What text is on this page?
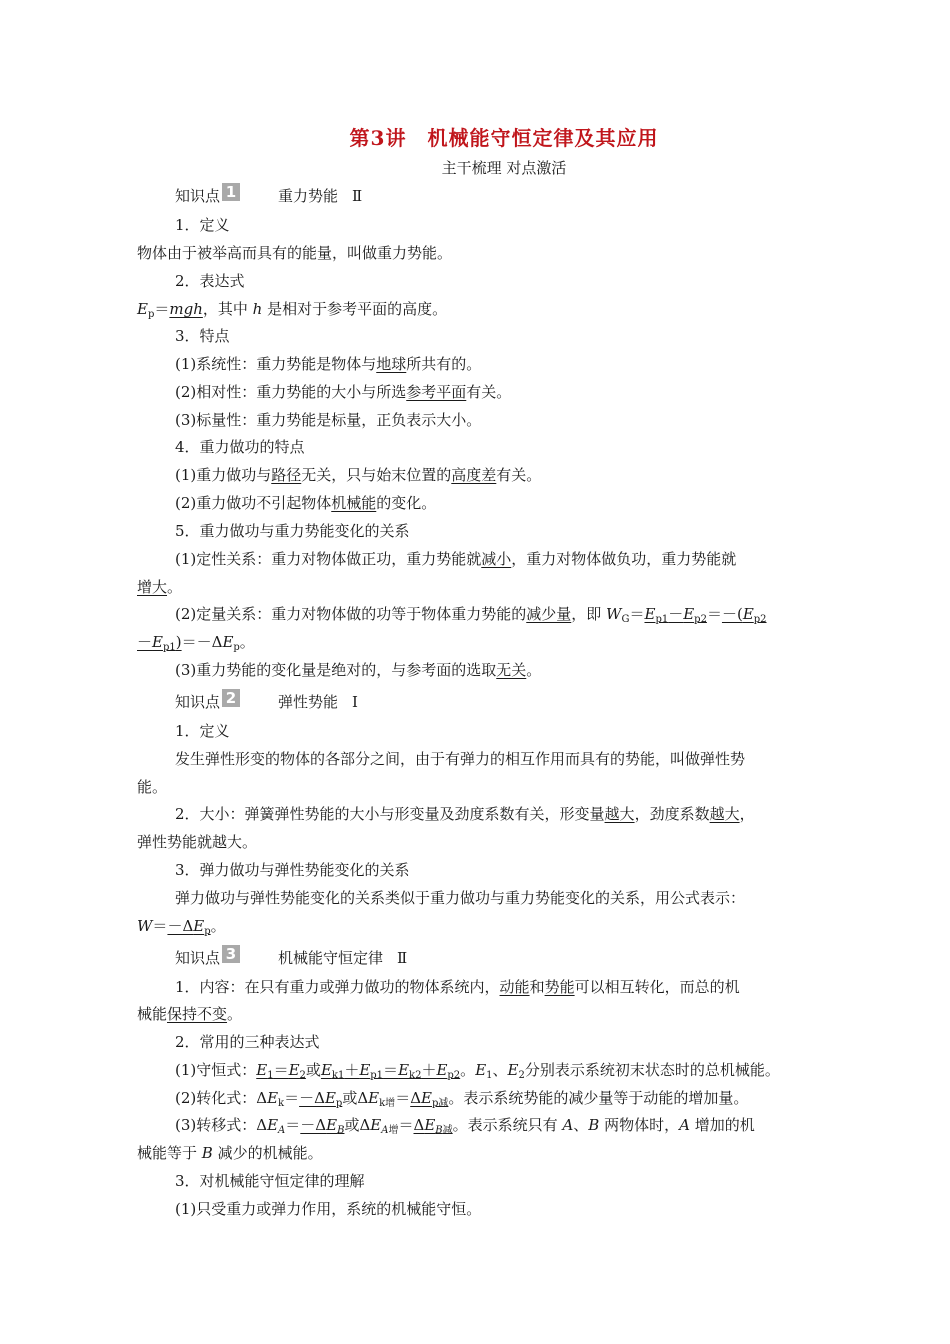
第3讲　机械能守恒定律及其应用
主干梳理 对点激活
知识点 1	重力势能 Ⅱ
1．定义
物体由于被举高而具有的能量，叫做重力势能。
2．表达式
$E_p=mgh$，其中 h 是相对于参考平面的高度。
3．特点
(1)系统性：重力势能是物体与地球所共有的。
(2)相对性：重力势能的大小与所选参考平面有关。
(3)标量性：重力势能是标量，正负表示大小。
4．重力做功的特点
(1)重力做功与路径无关，只与始末位置的高度差有关。
(2)重力做功不引起物体机械能的变化。
5．重力做功与重力势能变化的关系
(1)定性关系：重力对物体做正功，重力势能就减小，重力对物体做负功，重力势能就
增大。
(2)定量关系：重力对物体做的功等于物体重力势能的减少量，即 $W_G=E_{p1}-E_{p2}=-(E_{p2}$
$-E_{p1})=-\Delta E_p$。
(3)重力势能的变化量是绝对的，与参考面的选取无关。
知识点 2	弹性势能 Ⅰ
1．定义
发生弹性形变的物体的各部分之间，由于有弹力的相互作用而具有的势能，叫做弹性势
能。
2．大小：弹簧弹性势能的大小与形变量及劲度系数有关，形变量越大，劲度系数越大，
弹性势能就越大。
3．弹力做功与弹性势能变化的关系
弹力做功与弹性势能变化的关系类似于重力做功与重力势能变化的关系，用公式表示：
$W=-\Delta E_p$。
知识点 3	机械能守恒定律 Ⅱ
1．内容：在只有重力或弹力做功的物体系统内，动能和势能可以相互转化，而总的机
械能保持不变。
2．常用的三种表达式
(1)守恒式：$E_1=E_2$或$E_{k1}+E_{p1}=E_{k2}+E_{p2}$。$E_1$、$E_2$分别表示系统初末状态时的总机械能。
(2)转化式：$\Delta E_k=-\Delta E_p$或$\Delta E_{k增}=\Delta E_{p减}$。表示系统势能的减少量等于动能的增加量。
(3)转移式：$\Delta E_A=-\Delta E_B$或$\Delta E_{A增}=\Delta E_{B减}$。表示系统只有 A、B 两物体时，A 增加的机
械能等于 B 减少的机械能。
3．对机械能守恒定律的理解
(1)只受重力或弹力作用，系统的机械能守恒。
